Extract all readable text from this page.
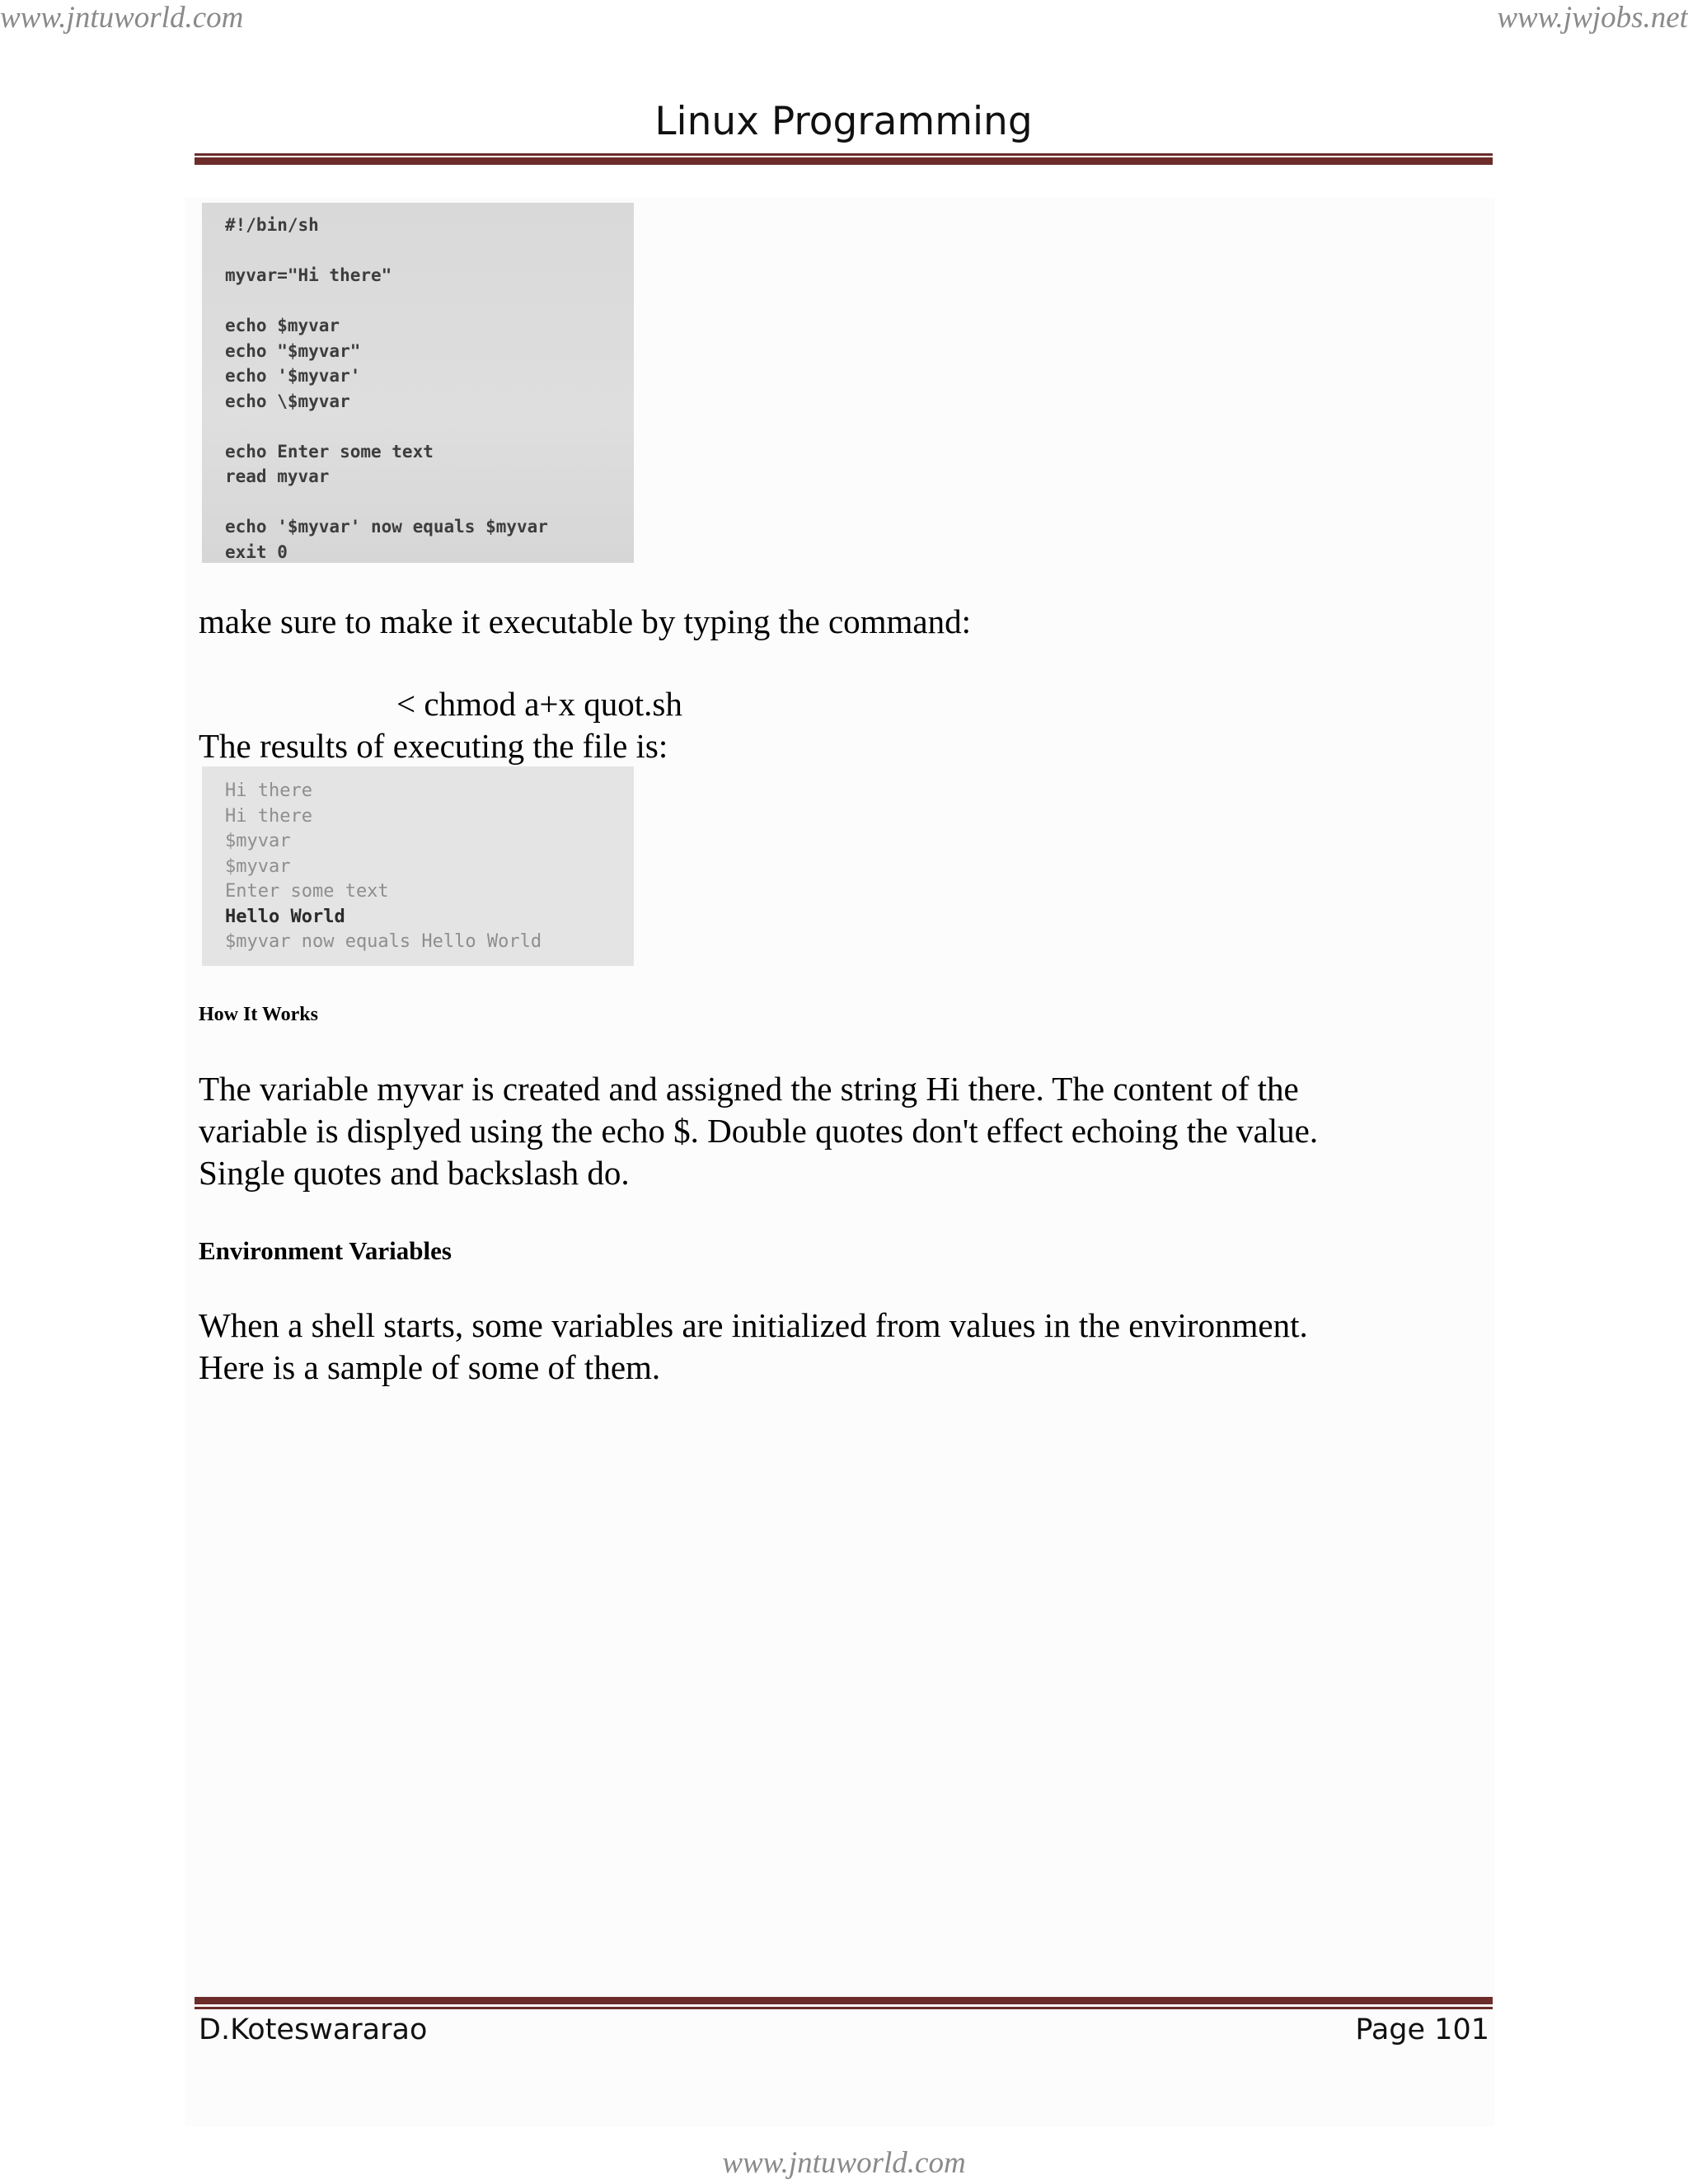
www.jntuworld.com	www.jwjobs.net
Linux Programming
#!/bin/sh
myvar="Hi there"
echo $myvar
echo "$myvar"
echo '$myvar'
echo \$myvar
echo Enter some text
read myvar
echo '$myvar' now equals $myvar
exit 0
make sure to make it executable by typing the command:
< chmod a+x quot.sh
The results of executing the file is:
Hi there
Hi there
$myvar
$myvar
Enter some text
Hello World
$myvar now equals Hello World
How It Works
The variable myvar is created and assigned the string Hi there. The content of the
variable is displyed using the echo $. Double quotes don't effect echoing the value.
Single quotes and backslash do.
Environment Variables
When a shell starts, some variables are initialized from values in the environment.
Here is a sample of some of them.
D.Koteswararao	Page 101
www.jntuworld.com
